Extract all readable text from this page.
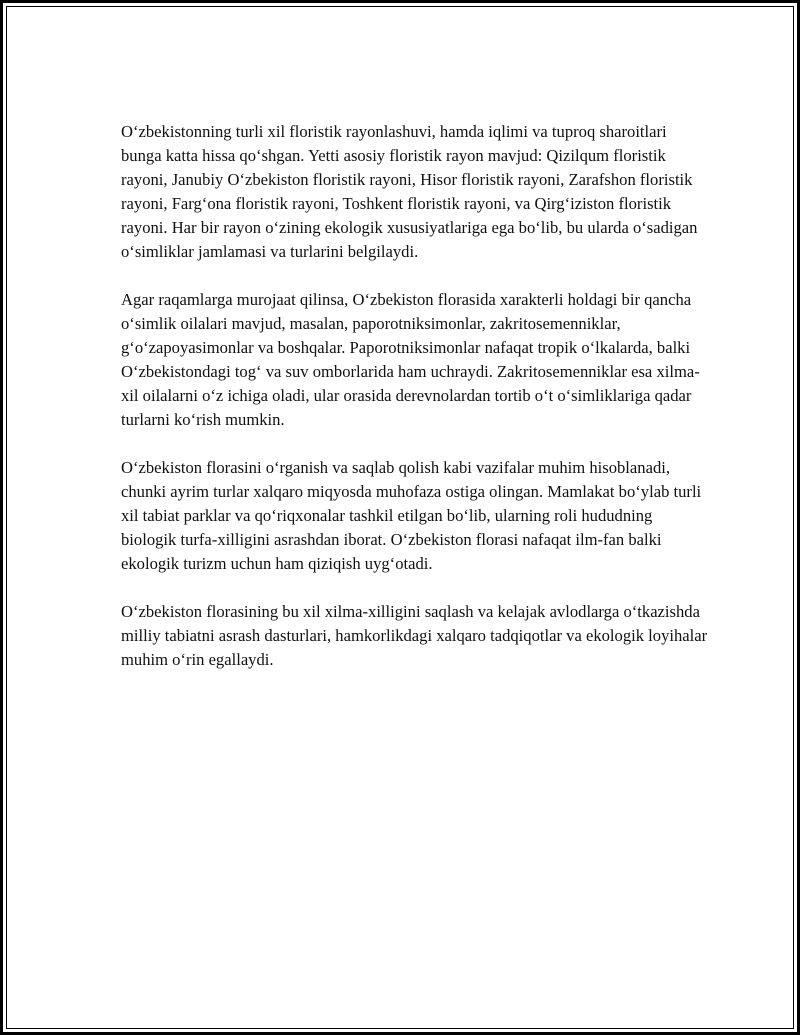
O‘zbekistonning turli xil floristik rayonlashuvi, hamda iqlimi va tuproq sharoitlari bunga katta hissa qo‘shgan. Yetti asosiy floristik rayon mavjud: Qizilqum floristik rayoni, Janubiy O‘zbekiston floristik rayoni, Hisor floristik rayoni, Zarafshon floristik rayoni, Farg‘ona floristik rayoni, Toshkent floristik rayoni, va Qirg‘iziston floristik rayoni. Har bir rayon o‘zining ekologik xususiyatlariga ega bo‘lib, bu ularda o‘sadigan o‘simliklar jamlamasi va turlarini belgilaydi.

Agar raqamlarga murojaat qilinsa, O‘zbekiston florasida xarakterli holdagi bir qancha o‘simlik oilalari mavjud, masalan, paporotniksimonlar, zakritosemenniklar, g‘o‘zapoyasimonlar va boshqalar. Paporotniksimonlar nafaqat tropik o‘lkalarda, balki O‘zbekistondagi tog‘ va suv omborlarida ham uchraydi. Zakritosemenniklar esa xilma-xil oilalarni o‘z ichiga oladi, ular orasida derevnolardan tortib o‘t o‘simliklariga qadar turlarni ko‘rish mumkin.

O‘zbekiston florasini o‘rganish va saqlab qolish kabi vazifalar muhim hisoblanadi, chunki ayrim turlar xalqaro miqyosda muhofaza ostiga olingan. Mamlakat bo‘ylab turli xil tabiat parklar va qo‘riqxonalar tashkil etilgan bo‘lib, ularning roli hududning biologik turfa-xilligini asrashdan iborat. O‘zbekiston florasi nafaqat ilm-fan balki ekologik turizm uchun ham qiziqish uyg‘otadi.

O‘zbekiston florasining bu xil xilma-xilligini saqlash va kelajak avlodlarga o‘tkazishda milliy tabiatni asrash dasturlari, hamkorlikdagi xalqaro tadqiqotlar va ekologik loyihalar muhim o‘rin egallaydi.
